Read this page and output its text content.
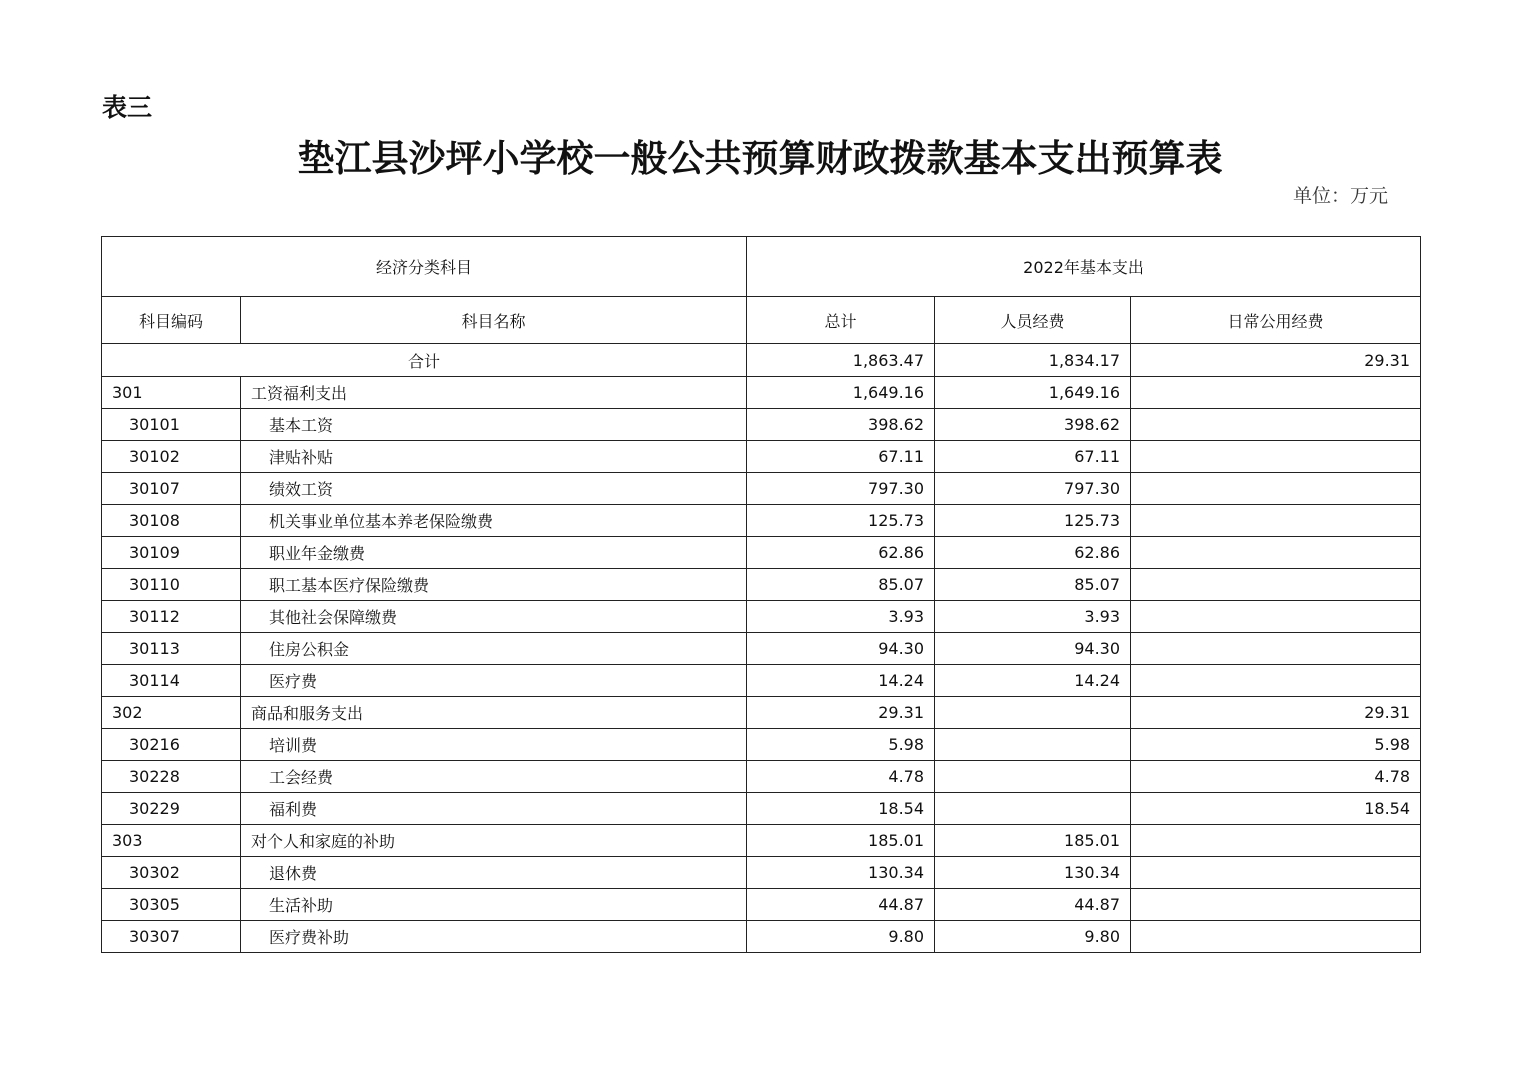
表三
垫江县沙坪小学校一般公共预算财政拨款基本支出预算表
单位：万元
经济分类科目		2022年基本支出		
科目编码	科目名称	总计	人员经费	日常公用经费
合计		1,863.47	1,834.17	29.31
301	工资福利支出	1,649.16	1,649.16	
30101	基本工资	398.62	398.62	
30102	津贴补贴	67.11	67.11	
30107	绩效工资	797.30	797.30	
30108	机关事业单位基本养老保险缴费	125.73	125.73	
30109	职业年金缴费	62.86	62.86	
30110	职工基本医疗保险缴费	85.07	85.07	
30112	其他社会保障缴费	3.93	3.93	
30113	住房公积金	94.30	94.30	
30114	医疗费	14.24	14.24	
302	商品和服务支出	29.31		29.31
30216	培训费	5.98		5.98
30228	工会经费	4.78		4.78
30229	福利费	18.54		18.54
303	对个人和家庭的补助	185.01	185.01	
30302	退休费	130.34	130.34	
30305	生活补助	44.87	44.87	
30307	医疗费补助	9.80	9.80	
